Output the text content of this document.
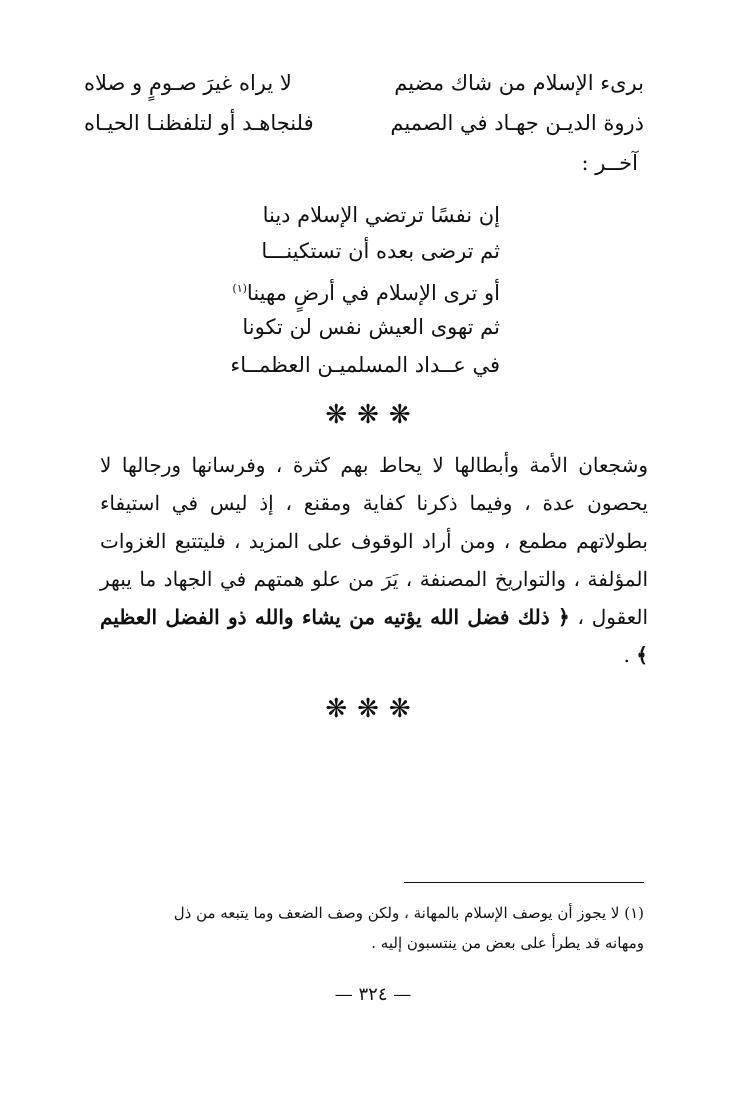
برىء الإسلام من شاك مضيم
لا يراه غيرَ صـومٍ و صلاه
ذروة الديـن جهـاد في الصميم
فلنجاهـد أو لتلفظنـا الحيـاه
آخــر :
إن نفسًا ترتضي الإسلام دينا
ثم ترضى بعده أن تستكينـــا
أو ترى الإسلام في أرضٍ مهينا$^{(١)}$
ثم تهوى العيش نفس لن تكونا
في عــداد المسلميـن العظمــاء
❋❋❋

وشجعان الأمة وأبطالها لا يحاط بهم كثرة ، وفرسانها ورجالها لا يحصون عدة ، وفيما ذكرنا كفاية ومقنع ، إذ ليس في استيفاء بطولاتهم مطمع ، ومن أراد الوقوف على المزيد ، فليتتبع الغزوات المؤلفة ، والتواريخ المصنفة ، يَرَ من علو همتهم في الجهاد ما يبهر العقول ، ﴿ ذلك فضل الله يؤتيه من يشاء والله ذو الفضل العظيم ﴾ .

❋❋❋

(١) لا يجوز أن يوصف الإسلام بالمهانة ، ولكن وصف الضعف وما يتبعه من ذل

ومهانه قد يطرأ على بعض من ينتسبون إليه .

— ٣٢٤ —
